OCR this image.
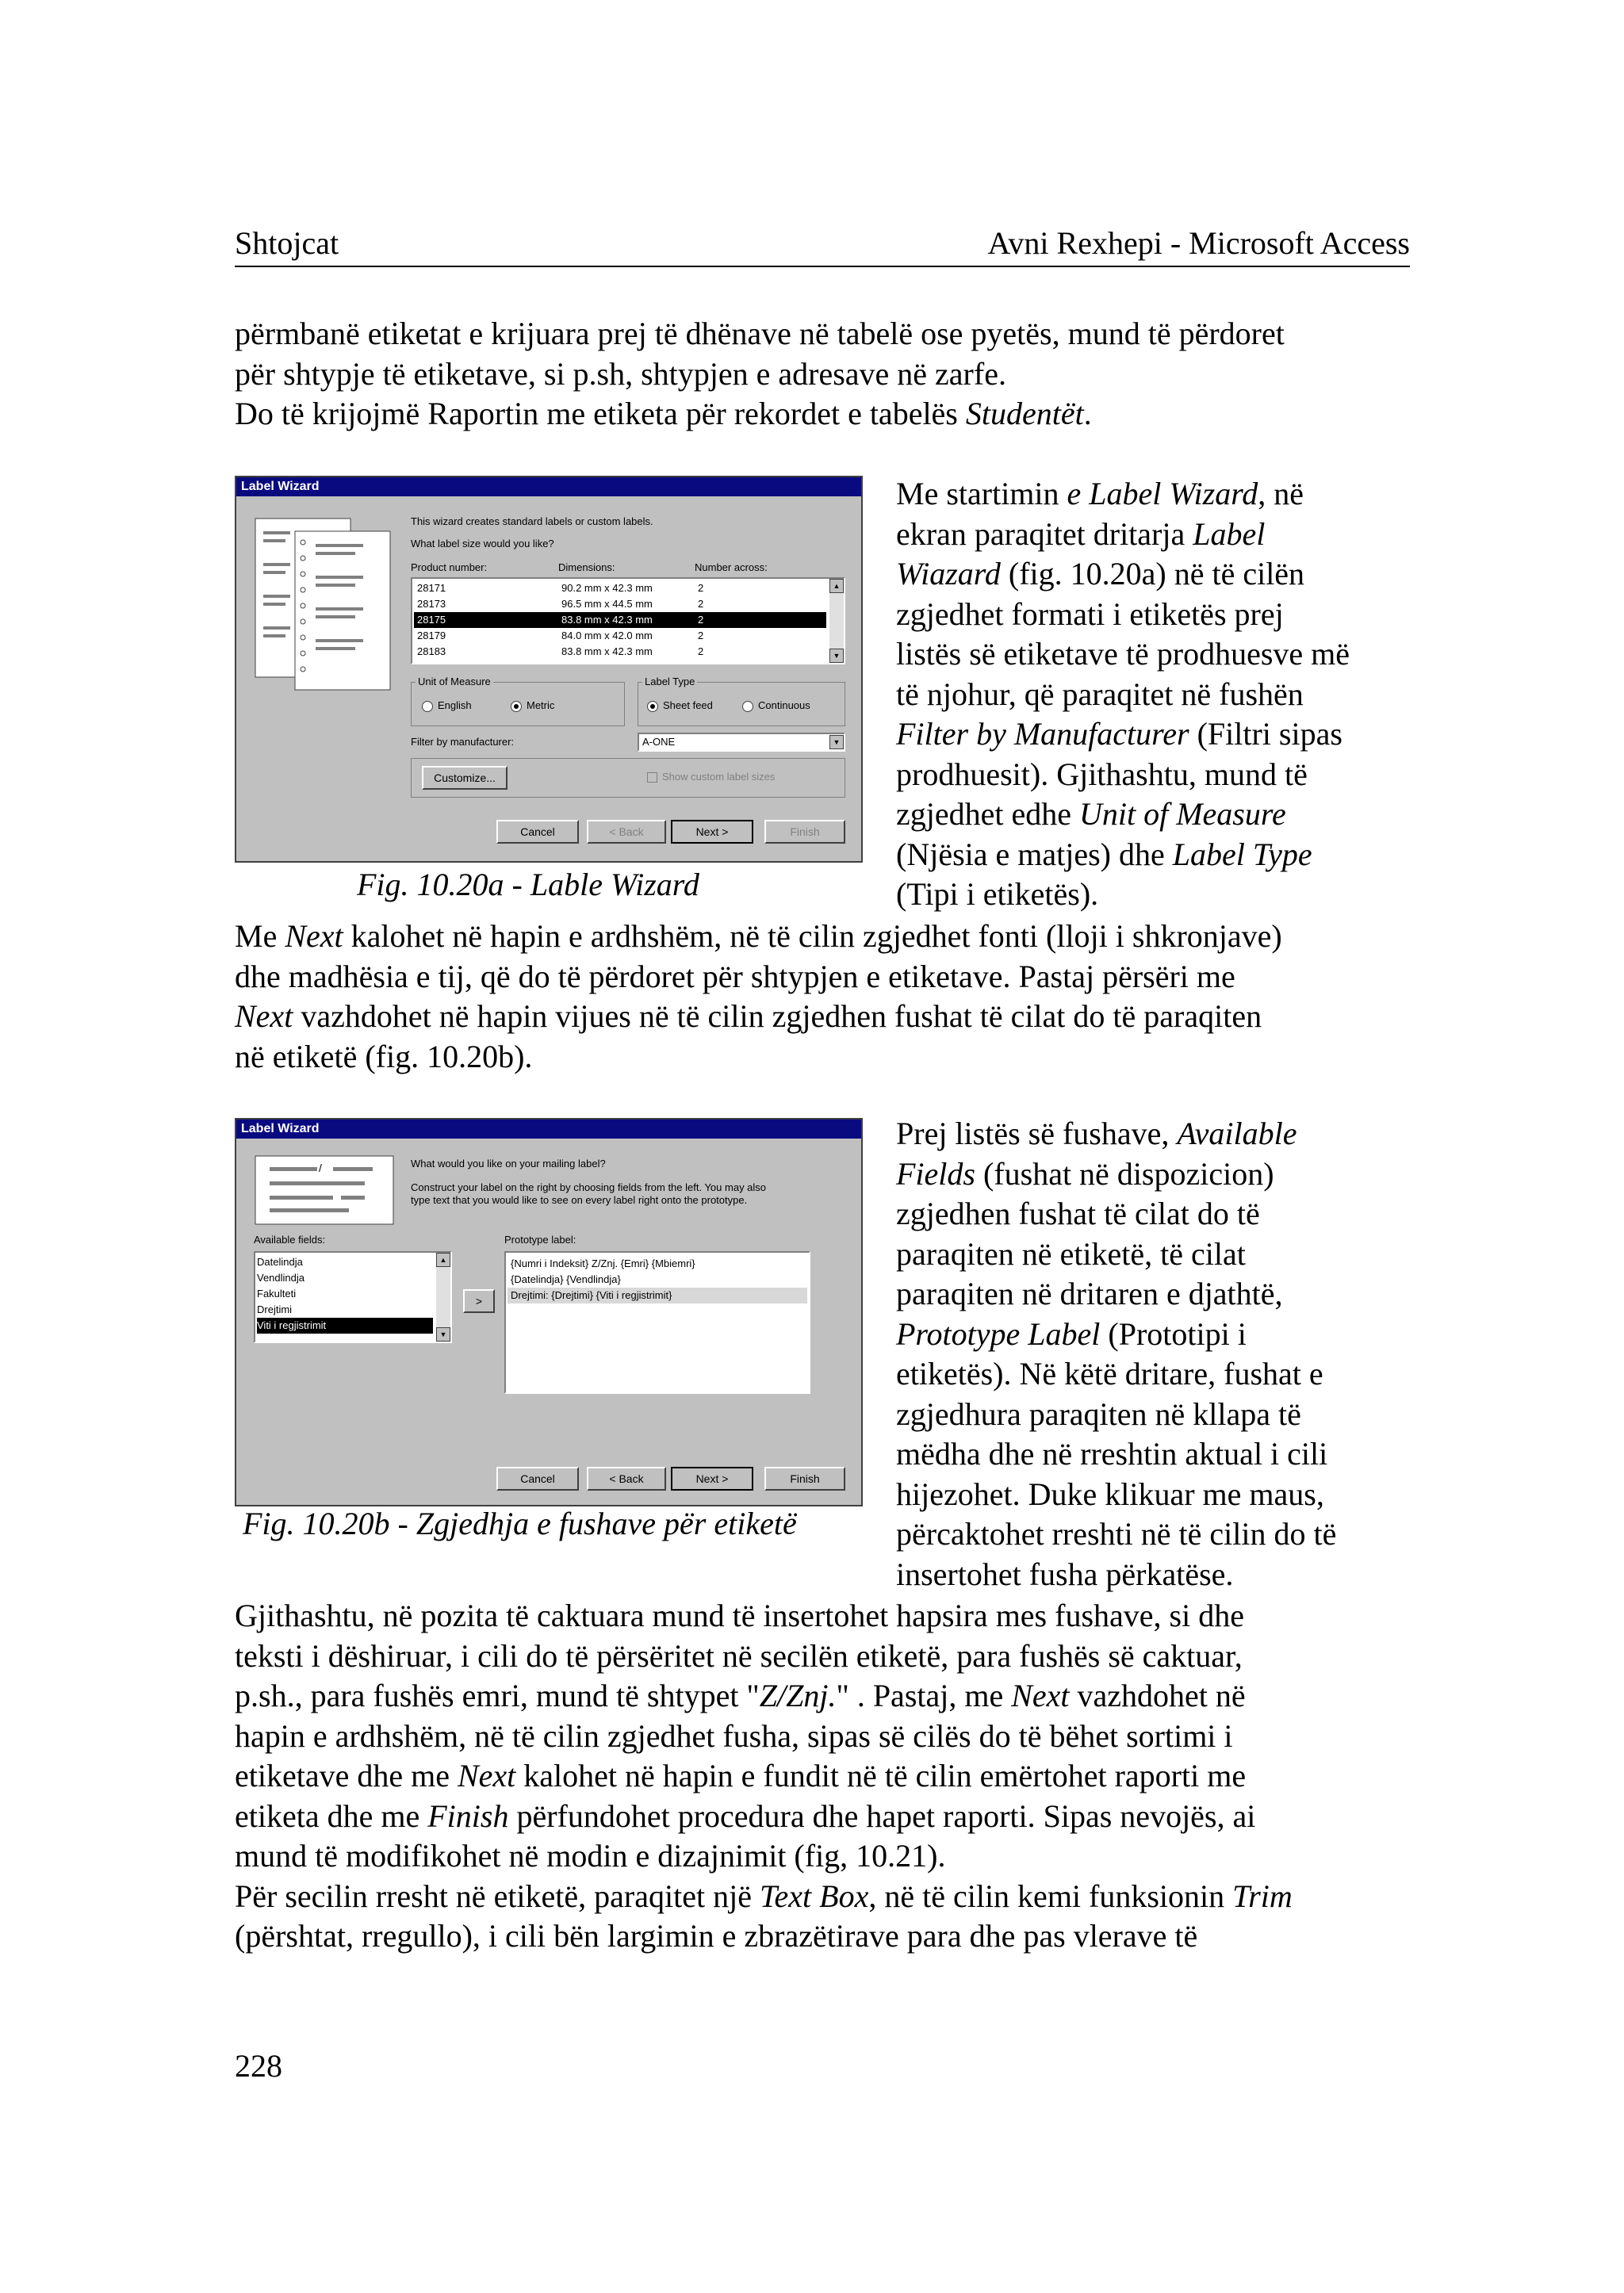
Shtojcat	Avni Rexhepi - Microsoft Access
përmbanë etiketat e krijuara prej të dhënave në tabelë ose pyetës, mund të përdoret
për shtypje të etiketave, si p.sh, shtypjen e adresave në zarfe.
Do të krijojmë Raportin me etiketa për rekordet e tabelës Studentët.
Label Wizard
This wizard creates standard labels or custom labels.
What label size would you like?
Product number:	Dimensions:	Number across:
28171	90.2 mm x 42.3 mm	2
28173	96.5 mm x 44.5 mm	2
28175	83.8 mm x 42.3 mm	2
28179	84.0 mm x 42.0 mm	2
28183	83.8 mm x 42.3 mm	2
▲
▼
Unit of Measure
English	Metric
Label Type
Sheet feed	Continuous
Filter by manufacturer:	A-ONE	▼
Customize...	Show custom label sizes
Cancel	< Back	Next >	Finish
Fig. 10.20a - Lable Wizard
Me startimin e Label Wizard, në
ekran paraqitet dritarja Label
Wiazard (fig. 10.20a) në të cilën
zgjedhet formati i etiketës prej
listës së etiketave të prodhuesve më
të njohur, që paraqitet në fushën
Filter by Manufacturer (Filtri sipas
prodhuesit). Gjithashtu, mund të
zgjedhet edhe Unit of Measure
(Njësia e matjes) dhe Label Type
(Tipi i etiketës).
Me Next kalohet në hapin e ardhshëm, në të cilin zgjedhet fonti (lloji i shkronjave)
dhe madhësia e tij, që do të përdoret për shtypjen e etiketave. Pastaj përsëri me
Next vazhdohet në hapin vijues në të cilin zgjedhen fushat të cilat do të paraqiten
në etiketë (fig. 10.20b).
Label Wizard
/	What would you like on your mailing label?
Construct your label on the right by choosing fields from the left. You may also
type text that you would like to see on every label right onto the prototype.
Available fields:	Prototype label:
Datelindja
Vendlindja
Fakulteti
Drejtimi
Viti i regjistrimit
▲
▼
>
{Numri i Indeksit} Z/Znj. {Emri} {Mbiemri}
{Datelindja} {Vendlindja}
Drejtimi: {Drejtimi} {Viti i regjistrimit}
Cancel	< Back	Next >	Finish
Fig. 10.20b - Zgjedhja e fushave për etiketë
Prej listës së fushave, Available
Fields (fushat në dispozicion)
zgjedhen fushat të cilat do të
paraqiten në etiketë, të cilat
paraqiten në dritaren e djathtë,
Prototype Label (Prototipi i
etiketës). Në këtë dritare, fushat e
zgjedhura paraqiten në kllapa të
mëdha dhe në rreshtin aktual i cili
hijezohet. Duke klikuar me maus,
përcaktohet rreshti në të cilin do të
insertohet fusha përkatëse.
Gjithashtu, në pozita të caktuara mund të insertohet hapsira mes fushave, si dhe
teksti i dëshiruar, i cili do të përsëritet në secilën etiketë, para fushës së caktuar,
p.sh., para fushës emri, mund të shtypet "Z/Znj." . Pastaj, me Next vazhdohet në
hapin e ardhshëm, në të cilin zgjedhet fusha, sipas së cilës do të bëhet sortimi i
etiketave dhe me Next kalohet në hapin e fundit në të cilin emërtohet raporti me
etiketa dhe me Finish përfundohet procedura dhe hapet raporti. Sipas nevojës, ai
mund të modifikohet në modin e dizajnimit (fig, 10.21).
Për secilin rresht në etiketë, paraqitet një Text Box, në të cilin kemi funksionin Trim
(përshtat, rregullo), i cili bën largimin e zbrazëtirave para dhe pas vlerave të
228
